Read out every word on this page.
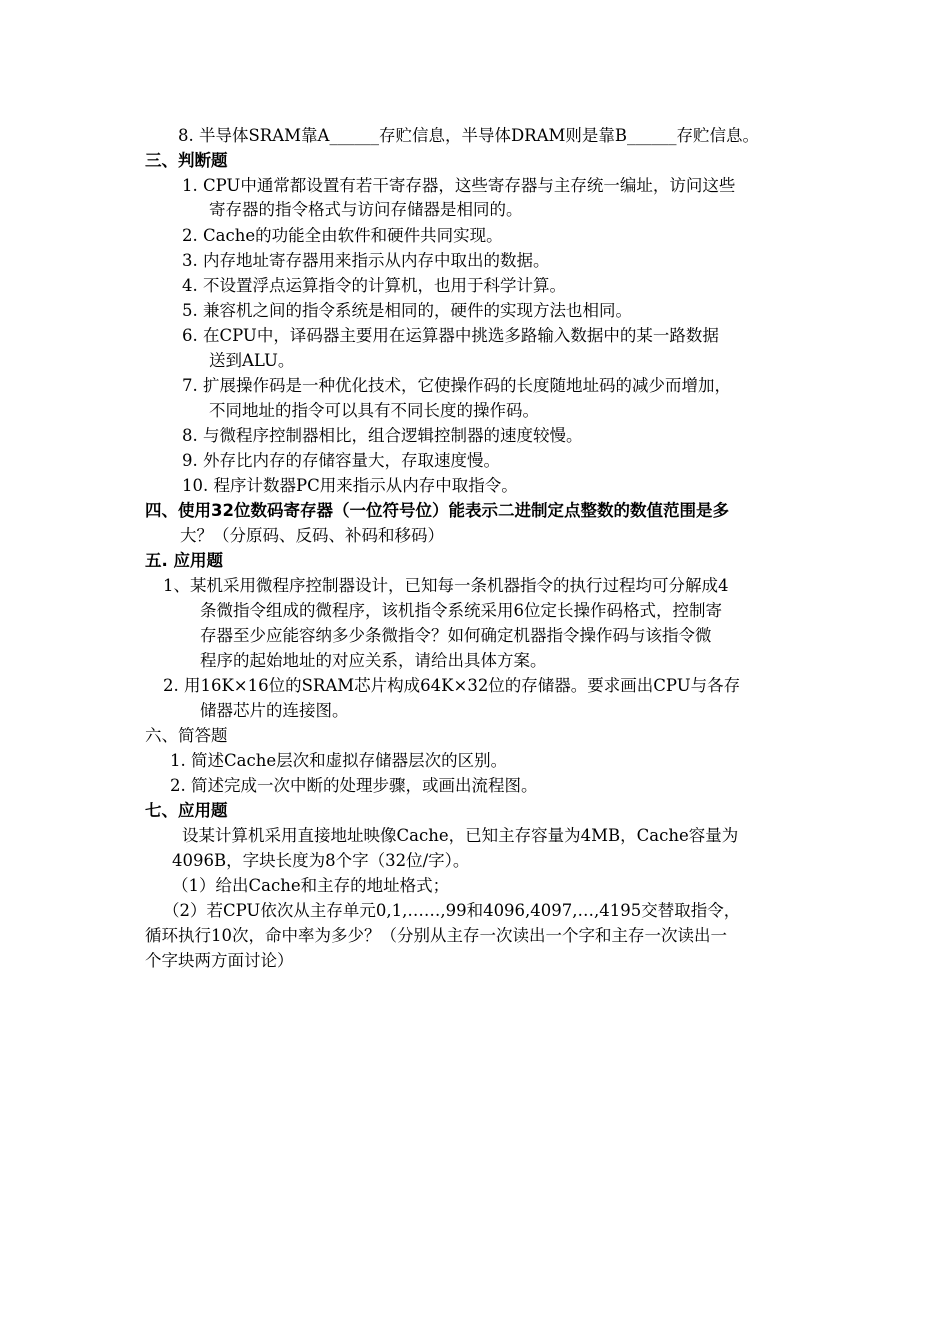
8. 半导体SRAM靠A______存贮信息，半导体DRAM则是靠B______存贮信息。
三、判断题
1. CPU中通常都设置有若干寄存器，这些寄存器与主存统一编址，访问这些
寄存器的指令格式与访问存储器是相同的。
2. Cache的功能全由软件和硬件共同实现。
3. 内存地址寄存器用来指示从内存中取出的数据。
4. 不设置浮点运算指令的计算机，也用于科学计算。
5. 兼容机之间的指令系统是相同的，硬件的实现方法也相同。
6. 在CPU中，译码器主要用在运算器中挑选多路输入数据中的某一路数据
送到ALU。
7. 扩展操作码是一种优化技术，它使操作码的长度随地址码的减少而增加，
不同地址的指令可以具有不同长度的操作码。
8. 与微程序控制器相比，组合逻辑控制器的速度较慢。
9. 外存比内存的存储容量大，存取速度慢。
10. 程序计数器PC用来指示从内存中取指令。
四、使用32位数码寄存器（一位符号位）能表示二进制定点整数的数值范围是多
大？（分原码、反码、补码和移码）
五. 应用题
1、某机采用微程序控制器设计，已知每一条机器指令的执行过程均可分解成4
条微指令组成的微程序，该机指令系统采用6位定长操作码格式，控制寄
存器至少应能容纳多少条微指令？如何确定机器指令操作码与该指令微
程序的起始地址的对应关系，请给出具体方案。
2. 用16K×16位的SRAM芯片构成64K×32位的存储器。要求画出CPU与各存
储器芯片的连接图。
六、简答题
1. 简述Cache层次和虚拟存储器层次的区别。
2. 简述完成一次中断的处理步骤，或画出流程图。
七、应用题
设某计算机采用直接地址映像Cache，已知主存容量为4MB，Cache容量为
4096B，字块长度为8个字（32位/字）。
（1）给出Cache和主存的地址格式；
（2）若CPU依次从主存单元0,1,……,99和4096,4097,…,4195交替取指令，
循环执行10次，命中率为多少？（分别从主存一次读出一个字和主存一次读出一
个字块两方面讨论）
